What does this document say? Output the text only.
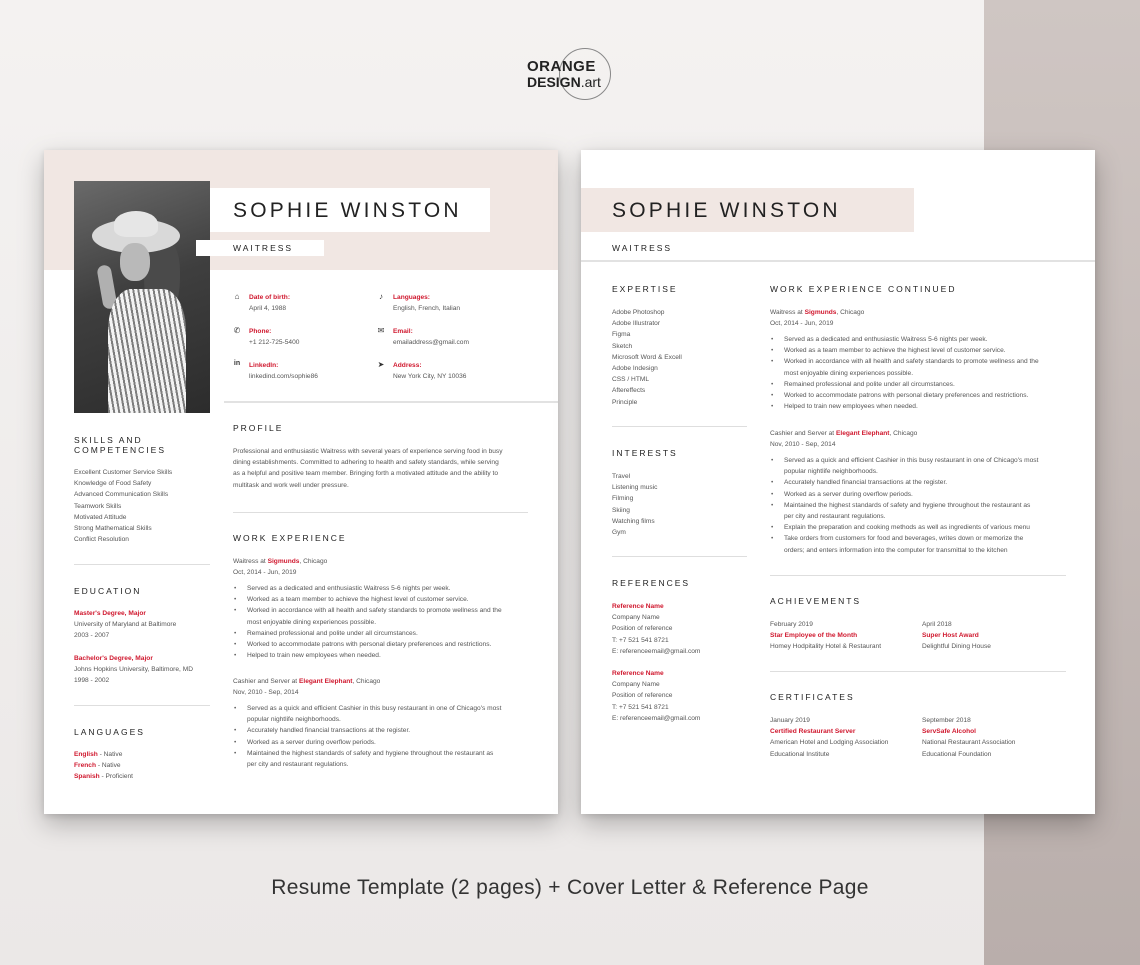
ORANGE
DESIGN.art
SOPHIE WINSTON
WAITRESS
⌂	Date of birth:
April 4, 1988
♪	Languages:
English, French, Italian
✆ Phone:
+1 212-725-5400
✉ Email:
emailaddress@gmail.com
in LinkedIn:
linkedind.com/sophie86
➤ Address:
New York City, NY 10036
SKILLS AND
COMPETENCIES
Excellent Customer Service Skills
Knowledge of Food Safety
Advanced Communication Skills
Teamwork Skills
Motivated Attitude
Strong Mathematical Skills
Conflict Resolution
EDUCATION
Master's Degree, Major
University of Maryland at Baltimore
2003 - 2007
Bachelor's Degree, Major
Johns Hopkins University, Baltimore, MD
1998 - 2002
LANGUAGES
English - Native
French - Native
Spanish - Proficient
PROFILE
Professional and enthusiastic Waitress with several years of experience serving food in busy
dining establishments. Committed to adhering to health and safety standards, while serving
as a helpful and positive team member. Bringing forth a motivated attitude and the ability to
multitask and work well under pressure.
WORK EXPERIENCE
Waitress at Sigmunds, Chicago
Oct, 2014 - Jun, 2019
• Served as a dedicated and enthusiastic Waitress 5-6 nights per week.
• Worked as a team member to achieve the highest level of customer service.
• Worked in accordance with all health and safety standards to promote wellness and the
most enjoyable dining experiences possible.
• Remained professional and polite under all circumstances.
• Worked to accommodate patrons with personal dietary preferences and restrictions.
• Helped to train new employees when needed.
Cashier and Server at Elegant Elephant, Chicago
Nov, 2010 - Sep, 2014
• Served as a quick and efficient Cashier in this busy restaurant in one of Chicago's most
popular nightlife neighborhoods.
• Accurately handled financial transactions at the register.
• Worked as a server during overflow periods.
• Maintained the highest standards of safety and hygiene throughout the restaurant as
per city and restaurant regulations.
SOPHIE WINSTON
WAITRESS
EXPERTISE
Adobe Photoshop
Adobe Illustrator
Figma
Sketch
Microsoft Word & Excell
Adobe Indesign
CSS / HTML
Aftereffects
Principle
INTERESTS
Travel
Listening music
Filming
Skiing
Watching films
Gym
REFERENCES
Reference Name
Company Name
Position of reference
T: +7 521 541 8721
E: referenceemail@gmail.com
Reference Name
Company Name
Position of reference
T: +7 521 541 8721
E: referenceemail@gmail.com
WORK EXPERIENCE CONTINUED
Waitress at Sigmunds, Chicago
Oct, 2014 - Jun, 2019
• Served as a dedicated and enthusiastic Waitress 5-6 nights per week.
• Worked as a team member to achieve the highest level of customer service.
• Worked in accordance with all health and safety standards to promote wellness and the
most enjoyable dining experiences possible.
• Remained professional and polite under all circumstances.
• Worked to accommodate patrons with personal dietary preferences and restrictions.
• Helped to train new employees when needed.
Cashier and Server at Elegant Elephant, Chicago
Nov, 2010 - Sep, 2014
• Served as a quick and efficient Cashier in this busy restaurant in one of Chicago's most
popular nightlife neighborhoods.
• Accurately handled financial transactions at the register.
• Worked as a server during overflow periods.
• Maintained the highest standards of safety and hygiene throughout the restaurant as
per city and restaurant regulations.
• Explain the preparation and cooking methods as well as ingredients of various menu
• Take orders from customers for food and beverages, writes down or memorize the
orders; and enters information into the computer for transmittal to the kitchen
ACHIEVEMENTS
February 2019
Star Employee of the Month
Homey Hodpitality Hotel & Restaurant
April 2018
Super Host Award
Delightful Dining House
CERTIFICATES
January 2019
Certified Restaurant Server
American Hotel and Lodging Association
Educational Institute
September 2018
ServSafe Alcohol
National Restaurant Association
Educational Foundation
Resume Template (2 pages) + Cover Letter & Reference Page
